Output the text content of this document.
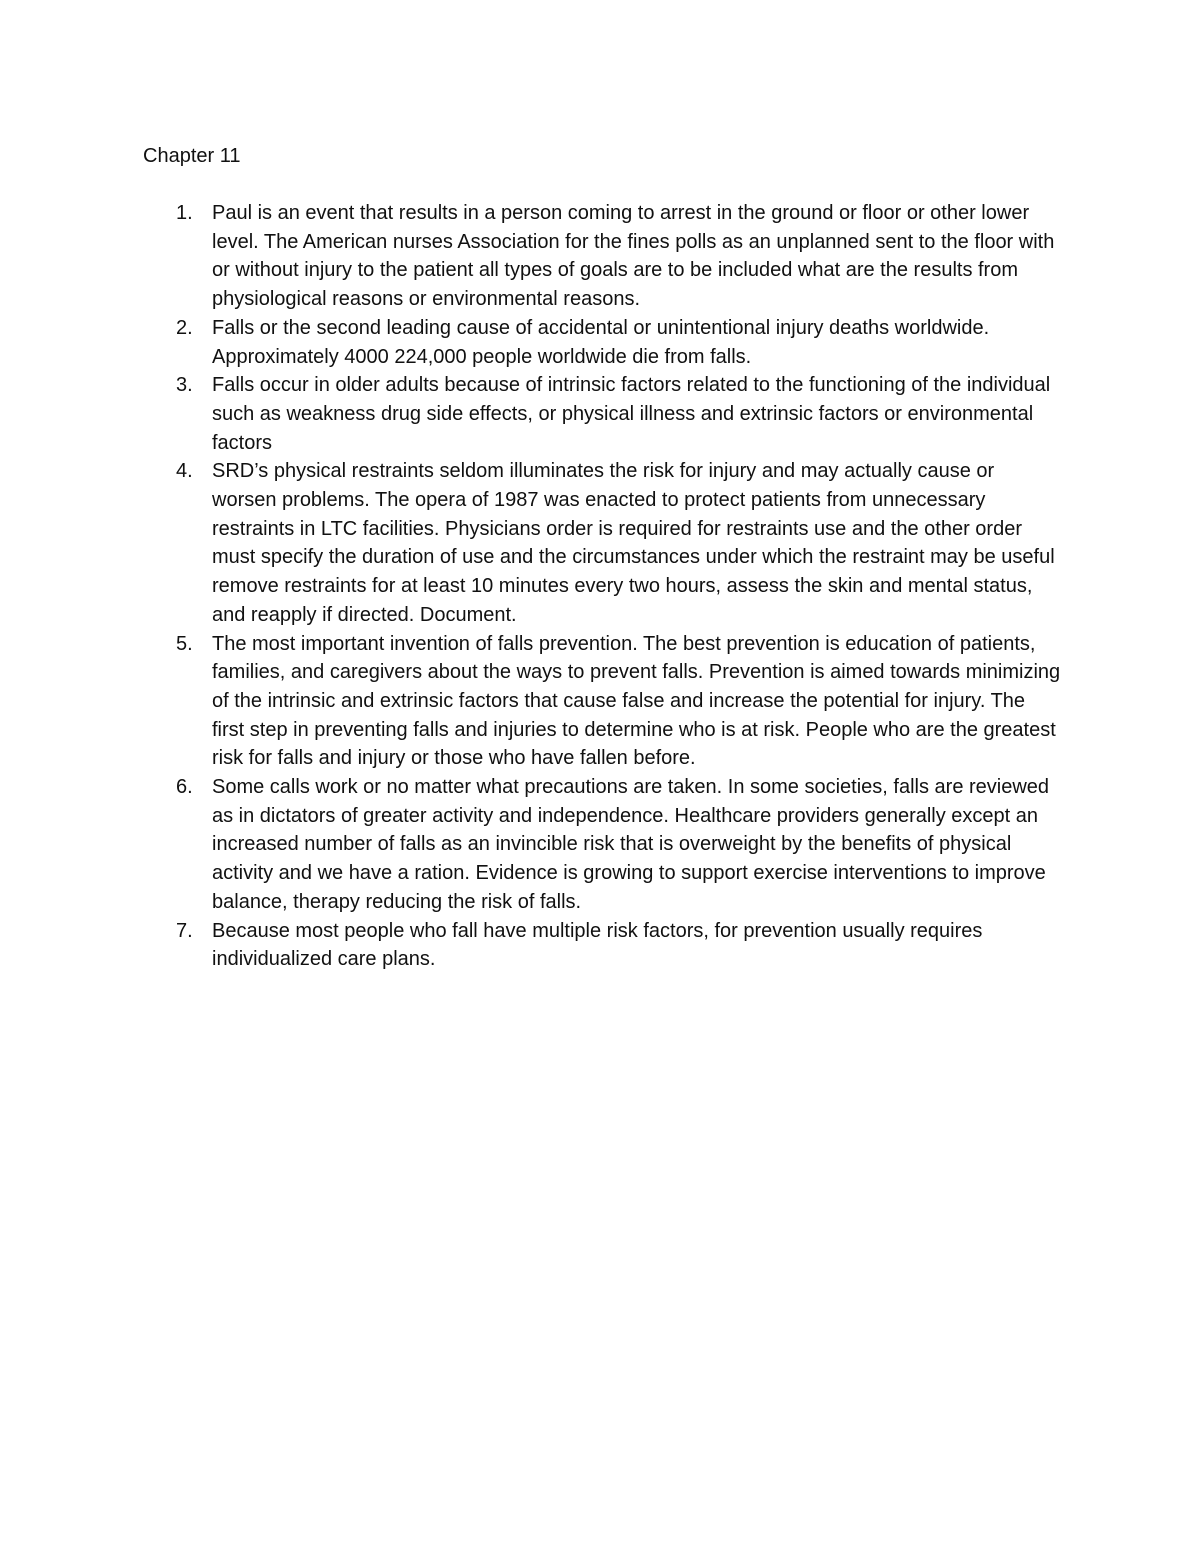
Chapter 11
1. Paul is an event that results in a person coming to arrest in the ground or floor or other lower level. The American nurses Association for the fines polls as an unplanned sent to the floor with or without injury to the patient all types of goals are to be included what are the results from physiological reasons or environmental reasons.
2. Falls or the second leading cause of accidental or unintentional injury deaths worldwide. Approximately 4000 224,000 people worldwide die from falls.
3. Falls occur in older adults because of intrinsic factors related to the functioning of the individual such as weakness drug side effects, or physical illness and extrinsic factors or environmental factors
4. SRD’s physical restraints seldom illuminates the risk for injury and may actually cause or worsen problems. The opera of 1987 was enacted to protect patients from unnecessary restraints in LTC facilities. Physicians order is required for restraints use and the other order must specify the duration of use and the circumstances under which the restraint may be useful remove restraints for at least 10 minutes every two hours, assess the skin and mental status, and reapply if directed. Document.
5. The most important invention of falls prevention. The best prevention is education of patients, families, and caregivers about the ways to prevent falls. Prevention is aimed towards minimizing of the intrinsic and extrinsic factors that cause false and increase the potential for injury. The first step in preventing falls and injuries to determine who is at risk. People who are the greatest risk for falls and injury or those who have fallen before.
6. Some calls work or no matter what precautions are taken. In some societies, falls are reviewed as in dictators of greater activity and independence. Healthcare providers generally except an increased number of falls as an invincible risk that is overweight by the benefits of physical activity and we have a ration. Evidence is growing to support exercise interventions to improve balance, therapy reducing the risk of falls.
7. Because most people who fall have multiple risk factors, for prevention usually requires individualized care plans.
